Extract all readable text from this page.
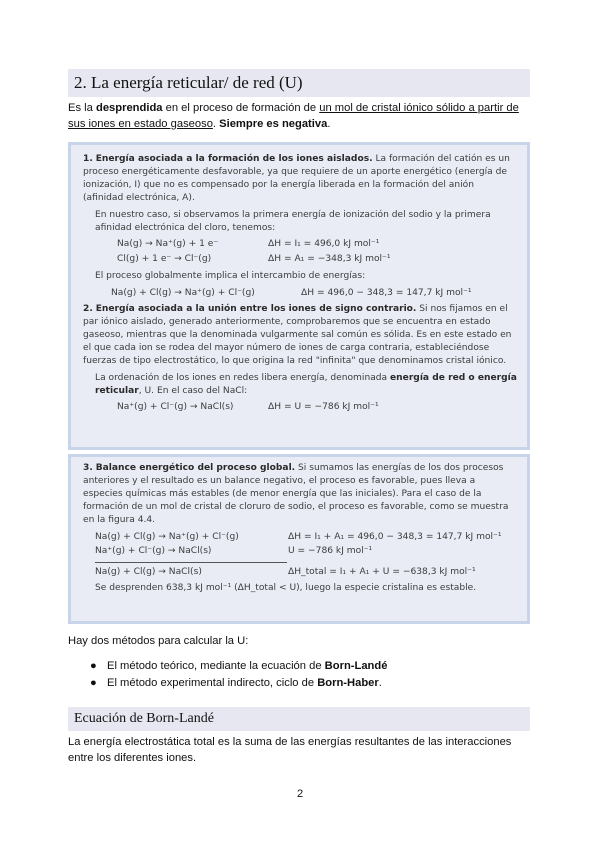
2. La energía reticular/ de red (U)
Es la desprendida en el proceso de formación de un mol de cristal iónico sólido a partir de sus iones en estado gaseoso. Siempre es negativa.

1. Energía asociada a la formación de los iones aislados. La formación del catión es un proceso energéticamente desfavorable, ya que requiere de un aporte energético (energía de ionización, I) que no es compensado por la energía liberada en la formación del anión (afinidad electrónica, A).

En nuestro caso, si observamos la primera energía de ionización del sodio y la primera afinidad electrónica del cloro, tenemos:

Na(g) → Na⁺(g) + 1 e⁻	ΔH = I₁ = 496,0 kJ mol⁻¹
Cl(g) + 1 e⁻ → Cl⁻(g)	ΔH = A₁ = −348,3 kJ mol⁻¹

El proceso globalmente implica el intercambio de energías:

Na(g) + Cl(g) → Na⁺(g) + Cl⁻(g)	ΔH = 496,0 − 348,3 = 147,7 kJ mol⁻¹

2. Energía asociada a la unión entre los iones de signo contrario. Si nos fijamos en el par iónico aislado, generado anteriormente, comprobaremos que se encuentra en estado gaseoso, mientras que la denominada vulgarmente sal común es sólida. Es en este estado en el que cada ion se rodea del mayor número de iones de carga contraria, estableciéndose fuerzas de tipo electrostático, lo que origina la red "infinita" que denominamos cristal iónico.

La ordenación de los iones en redes libera energía, denominada energía de red o energía reticular, U. En el caso del NaCl:

Na⁺(g) + Cl⁻(g) → NaCl(s)	ΔH = U = −786 kJ mol⁻¹

3. Balance energético del proceso global. Si sumamos las energías de los dos procesos anteriores y el resultado es un balance negativo, el proceso es favorable, pues lleva a especies químicas más estables (de menor energía que las iniciales). Para el caso de la formación de un mol de cristal de cloruro de sodio, el proceso es favorable, como se muestra en la figura 4.4.

Na(g) + Cl(g) → Na⁺(g) + Cl⁻(g)	ΔH = I₁ + A₁ = 496,0 − 348,3 = 147,7 kJ mol⁻¹
Na⁺(g) + Cl⁻(g) → NaCl(s)	U = −786 kJ mol⁻¹
Na(g) + Cl(g) → NaCl(s)	ΔH_total = I₁ + A₁ + U = −638,3 kJ mol⁻¹

Se desprenden 638,3 kJ mol⁻¹ (ΔH_total < U), luego la especie cristalina es estable.

Hay dos métodos para calcular la U:
● El método teórico, mediante la ecuación de Born-Landé
● El método experimental indirecto, ciclo de Born-Haber.
Ecuación de Born-Landé
La energía electrostática total es la suma de las energías resultantes de las interacciones entre los diferentes iones.
2
